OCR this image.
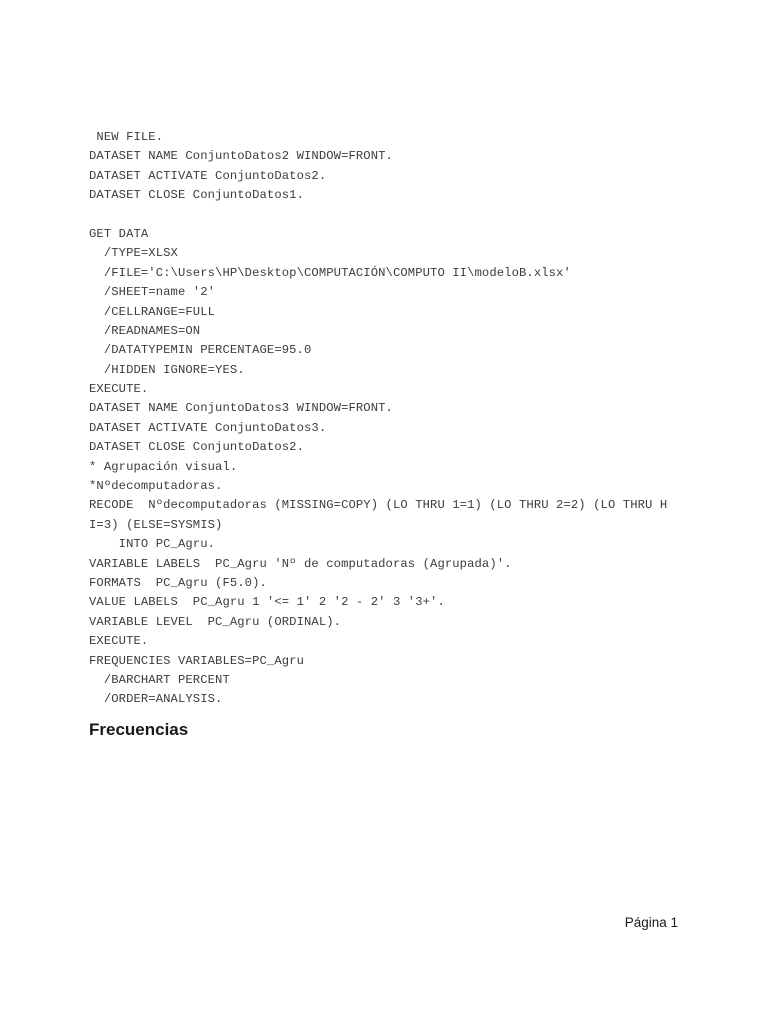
NEW FILE.
DATASET NAME ConjuntoDatos2 WINDOW=FRONT.
DATASET ACTIVATE ConjuntoDatos2.
DATASET CLOSE ConjuntoDatos1.
GET DATA
/TYPE=XLSX
/FILE='C:\Users\HP\Desktop\COMPUTACIÓN\COMPUTO II\modeloB.xlsx'
/SHEET=name '2'
/CELLRANGE=FULL
/READNAMES=ON
/DATATYPEMIN PERCENTAGE=95.0
/HIDDEN IGNORE=YES.
EXECUTE.
DATASET NAME ConjuntoDatos3 WINDOW=FRONT.
DATASET ACTIVATE ConjuntoDatos3.
DATASET CLOSE ConjuntoDatos2.
* Agrupación visual.
*Nºdecomputadoras.
RECODE  Nºdecomputadoras (MISSING=COPY) (LO THRU 1=1) (LO THRU 2=2) (LO THRU H
I=3) (ELSE=SYSMIS)
INTO PC_Agru.
VARIABLE LABELS  PC_Agru 'Nº de computadoras (Agrupada)'.
FORMATS  PC_Agru (F5.0).
VALUE LABELS  PC_Agru 1 '<= 1' 2 '2 - 2' 3 '3+'.
VARIABLE LEVEL  PC_Agru (ORDINAL).
EXECUTE.
FREQUENCIES VARIABLES=PC_Agru
/BARCHART PERCENT
/ORDER=ANALYSIS.
Frecuencias
Página 1
